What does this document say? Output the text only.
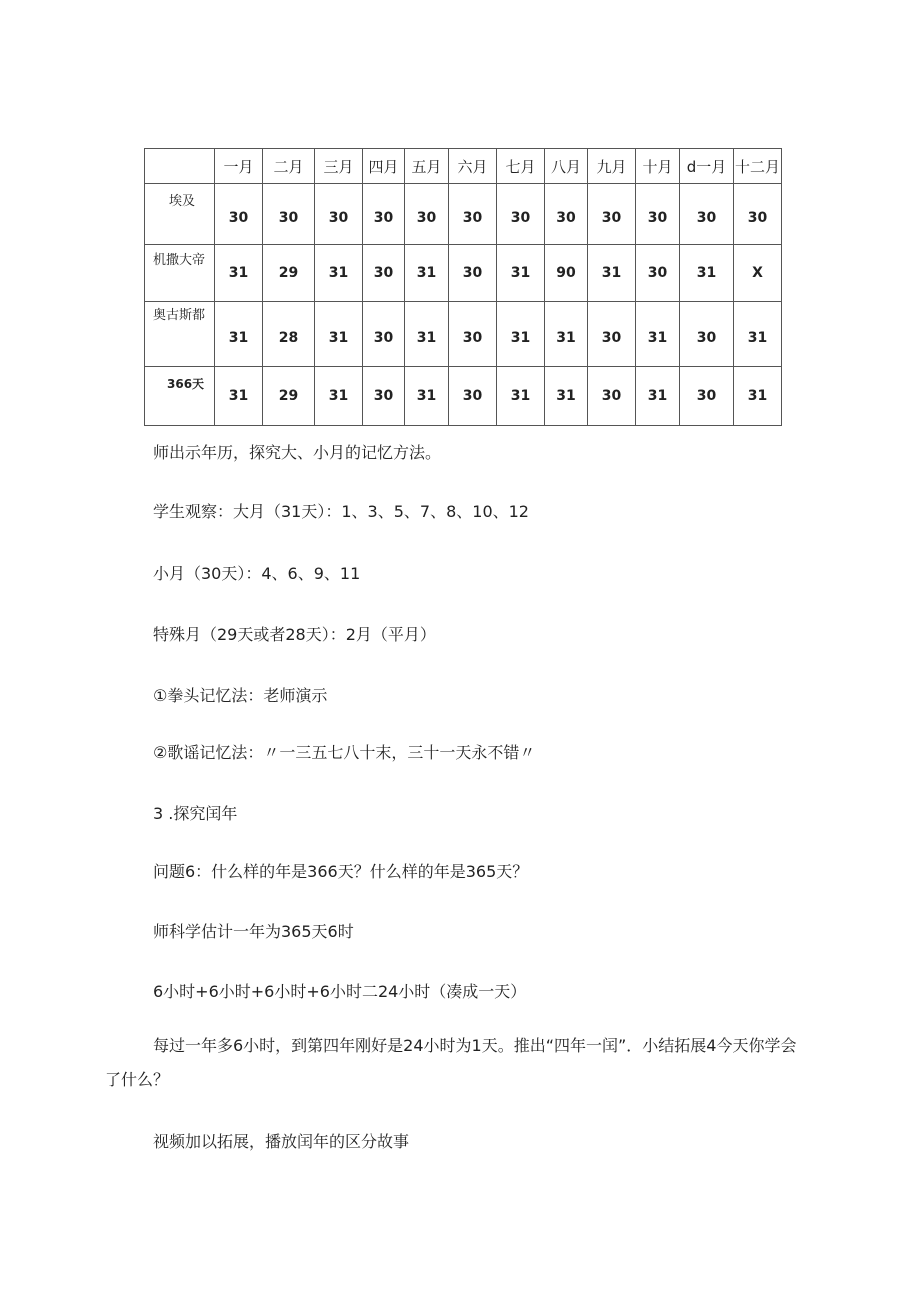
	一月	二月	三月	四月	五月	六月	七月	八月	九月	十月	d一月	十二月
埃及	30	30	30	30	30	30	30	30	30	30	30	30
机撒大帝	31	29	31	30	31	30	31	90	31	30	31	X
奥古斯都	31	28	31	30	31	30	31	31	30	31	30	31
366天	31	29	31	30	31	30	31	31	30	31	30	31
师出示年历，探究大、小月的记忆方法。
学生观察：大月（31天）：1、3、5、7、8、10、12
小月（30天）：4、6、9、11
特殊月（29天或者28天）：2月（平月）
①拳头记忆法：老师演示
②歌谣记忆法：〃一三五七八十末，三十一天永不错〃
3 .探究闰年
问题6：什么样的年是366天？什么样的年是365天？
师科学估计一年为365天6时
6小时+6小时+6小时+6小时二24小时（凑成一天）
每过一年多6小时，到第四年刚好是24小时为1天。推出“四年一闰”．小结拓展4今天你学会了什么？
视频加以拓展，播放闰年的区分故事
